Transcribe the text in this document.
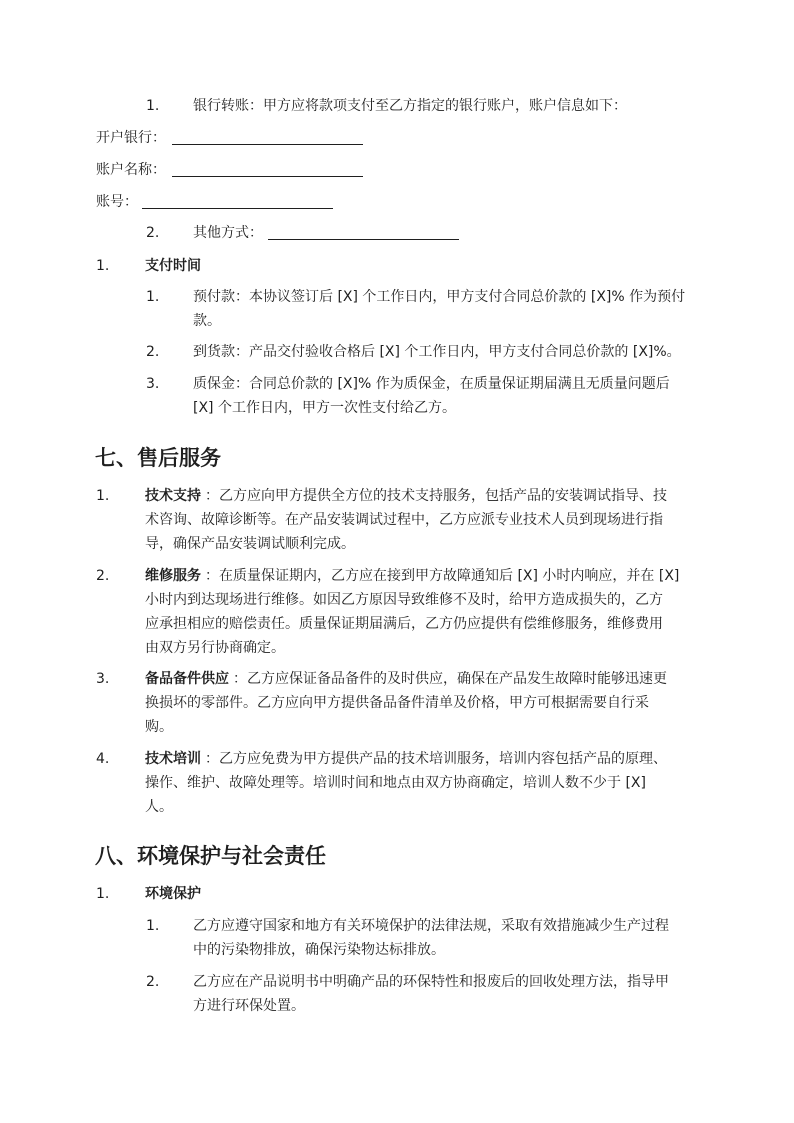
1. 银行转账：甲方应将款项支付至乙方指定的银行账户，账户信息如下：
开户银行：
账户名称：
账号：
2. 其他方式：
1.	支付时间
1. 预付款：本协议签订后 [X] 个工作日内，甲方支付合同总价款的 [X]% 作为预付
款。
2. 到货款：产品交付验收合格后 [X] 个工作日内，甲方支付合同总价款的 [X]%。
3. 质保金：合同总价款的 [X]% 作为质保金，在质量保证期届满且无质量问题后
[X] 个工作日内，甲方一次性支付给乙方。
七、售后服务
1.	技术支持 ：乙方应向甲方提供全方位的技术支持服务，包括产品的安装调试指导、技
术咨询、故障诊断等。在产品安装调试过程中，乙方应派专业技术人员到现场进行指
导，确保产品安装调试顺利完成。
2.	维修服务 ：在质量保证期内，乙方应在接到甲方故障通知后 [X] 小时内响应，并在 [X]
小时内到达现场进行维修。如因乙方原因导致维修不及时，给甲方造成损失的，乙方
应承担相应的赔偿责任。质量保证期届满后，乙方仍应提供有偿维修服务，维修费用
由双方另行协商确定。
3.	备品备件供应 ：乙方应保证备品备件的及时供应，确保在产品发生故障时能够迅速更
换损坏的零部件。乙方应向甲方提供备品备件清单及价格，甲方可根据需要自行采
购。
4.	技术培训 ：乙方应免费为甲方提供产品的技术培训服务，培训内容包括产品的原理、
操作、维护、故障处理等。培训时间和地点由双方协商确定，培训人数不少于 [X]
人。
八、环境保护与社会责任
1.	环境保护
1. 乙方应遵守国家和地方有关环境保护的法律法规，采取有效措施减少生产过程
中的污染物排放，确保污染物达标排放。
2. 乙方应在产品说明书中明确产品的环保特性和报废后的回收处理方法，指导甲
方进行环保处置。
